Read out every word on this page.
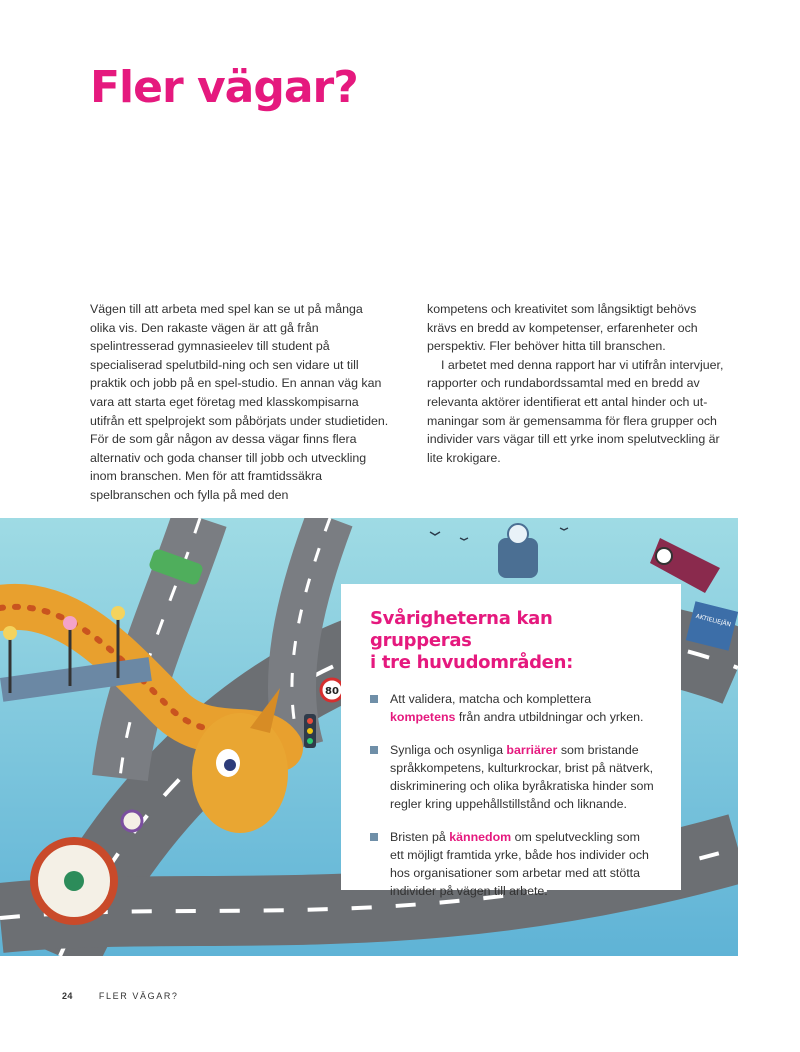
Fler vägar?

Vägen till att arbeta med spel kan se ut på många olika vis. Den rakaste vägen är att gå från spelintresserad gymnasieelev till student på specialiserad spelutbild-ning och sen vidare ut till praktik och jobb på en spel-studio. En annan väg kan vara att starta eget företag med klasskompisarna utifrån ett spelprojekt som påbörjats under studietiden. För de som går någon av dessa vägar finns flera alternativ och goda chanser till jobb och utveckling inom branschen. Men för att framtidssäkra spelbranschen och fylla på med den

kompetens och kreativitet som långsiktigt behövs krävs en bredd av kompetenser, erfarenheter och perspektiv. Fler behöver hitta till branschen.

I arbetet med denna rapport har vi utifrån intervjuer, rapporter och rundabordssamtal med en bredd av relevanta aktörer identifierat ett antal hinder och ut-maningar som är gemensamma för flera grupper och individer vars vägar till ett yrke inom spelutveckling är lite krokigare.

80
AKTIELIEJÄN
Svårigheterna kan grupperas
i tre huvudområden:
Att validera, matcha och komplettera kompetens från andra utbildningar och yrken.
Synliga och osynliga barriärer som bristande språkkompetens, kulturkrockar, brist på nätverk, diskriminering och olika byråkratiska hinder som regler kring uppehållstillstånd och liknande.
Bristen på kännedom om spelutveckling som ett möjligt framtida yrke, både hos individer och hos organisationer som arbetar med att stötta individer på vägen till arbete.
24	FLER VÄGAR?
